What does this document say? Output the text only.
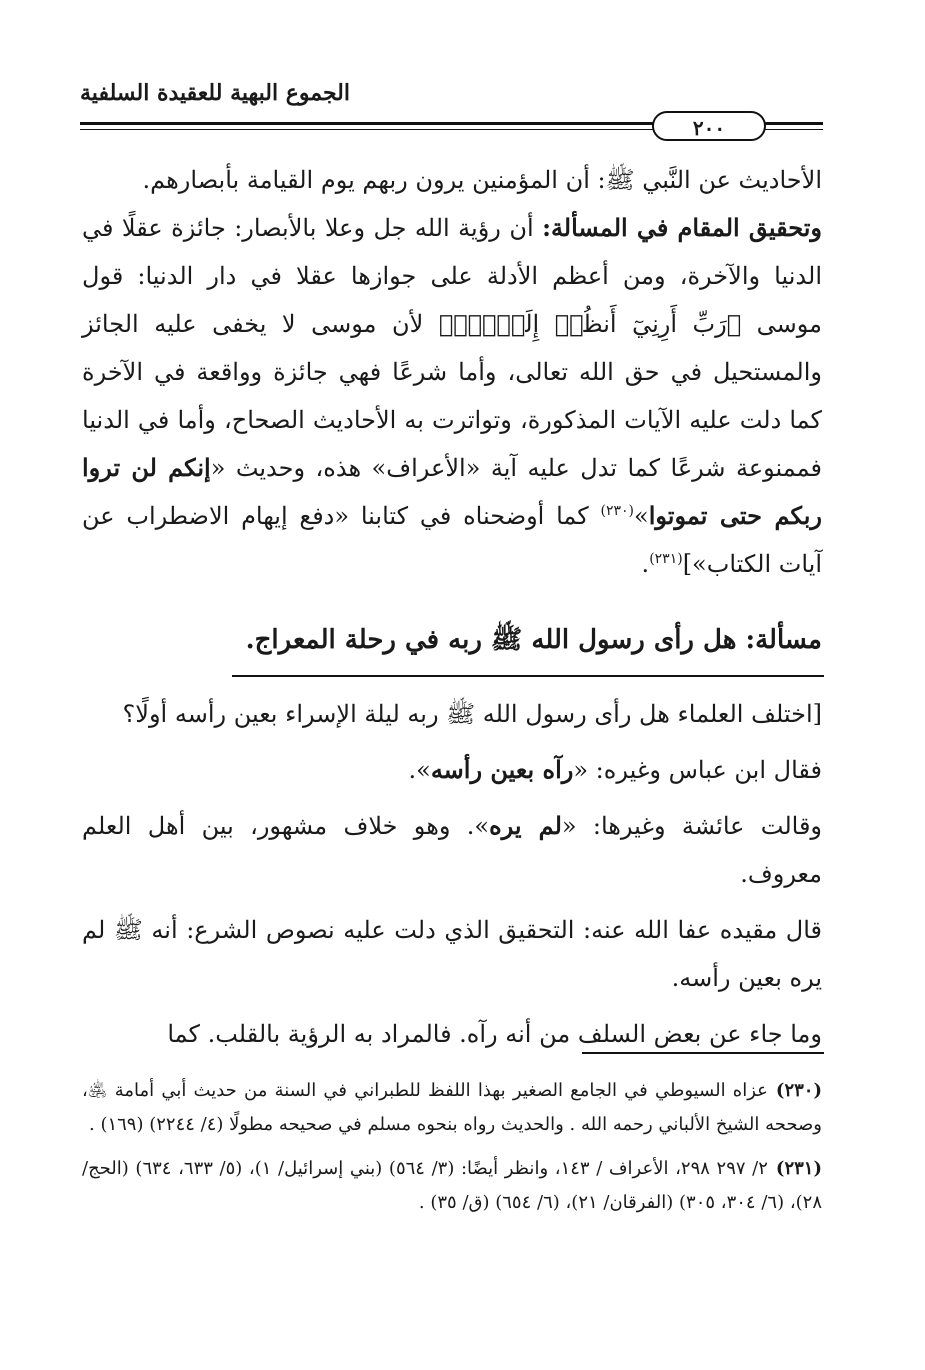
الجموع البهية للعقيدة السلفية
٢٠٠

الأحاديث عن النَّبي ﷺ: أن المؤمنين يرون ربهم يوم القيامة بأبصارهم.

وتحقيق المقام في المسألة: أن رؤية الله جل وعلا بالأبصار: جائزة عقلًا في الدنيا والآخرة، ومن أعظم الأدلة على جوازها عقلا في دار الدنيا: قول موسى ﴿رَبِّ أَرِنِيٓ أَنظُرۡ إِلَيۡكَۚ﴾ لأن موسى لا يخفى عليه الجائز والمستحيل في حق الله تعالى، وأما شرعًا فهي جائزة وواقعة في الآخرة كما دلت عليه الآيات المذكورة، وتواترت به الأحاديث الصحاح، وأما في الدنيا فممنوعة شرعًا كما تدل عليه آية «الأعراف» هذه، وحديث «إنكم لن تروا ربكم حتى تموتوا»$^{(٢٣٠)}$ كما أوضحناه في كتابنا «دفع إيهام الاضطراب عن آيات الكتاب»]$^{(٢٣١)}$.

مسألة: هل رأى رسول الله ﷺ ربه في رحلة المعراج.

[اختلف العلماء هل رأى رسول الله ﷺ ربه ليلة الإسراء بعين رأسه أولًا؟

فقال ابن عباس وغيره: «رآه بعين رأسه».

وقالت عائشة وغيرها: «لم يره». وهو خلاف مشهور، بين أهل العلم معروف.

قال مقيده عفا الله عنه: التحقيق الذي دلت عليه نصوص الشرع: أنه ﷺ لم يره بعين رأسه.

وما جاء عن بعض السلف من أنه رآه. فالمراد به الرؤية بالقلب. كما

(٢٣٠)عزاه السيوطي في الجامع الصغير بهذا اللفظ للطبراني في السنة من حديث أبي أمامة ﵁، وصححه الشيخ الألباني رحمه الله . والحديث رواه بنحوه مسلم في صحيحه مطولًا (٤/ ٢٢٤٤) (١٦٩) .

(٢٣١)٢/ ٢٩٧ ٢٩٨، الأعراف / ١٤٣، وانظر أيضًا: (٣/ ٥٦٤) (بني إسرائيل/ ١)، (٥/ ٦٣٣، ٦٣٤) (الحج/ ٢٨)، (٦/ ٣٠٤، ٣٠٥) (الفرقان/ ٢١)، (٦/ ٦٥٤) (ق/ ٣٥) .
